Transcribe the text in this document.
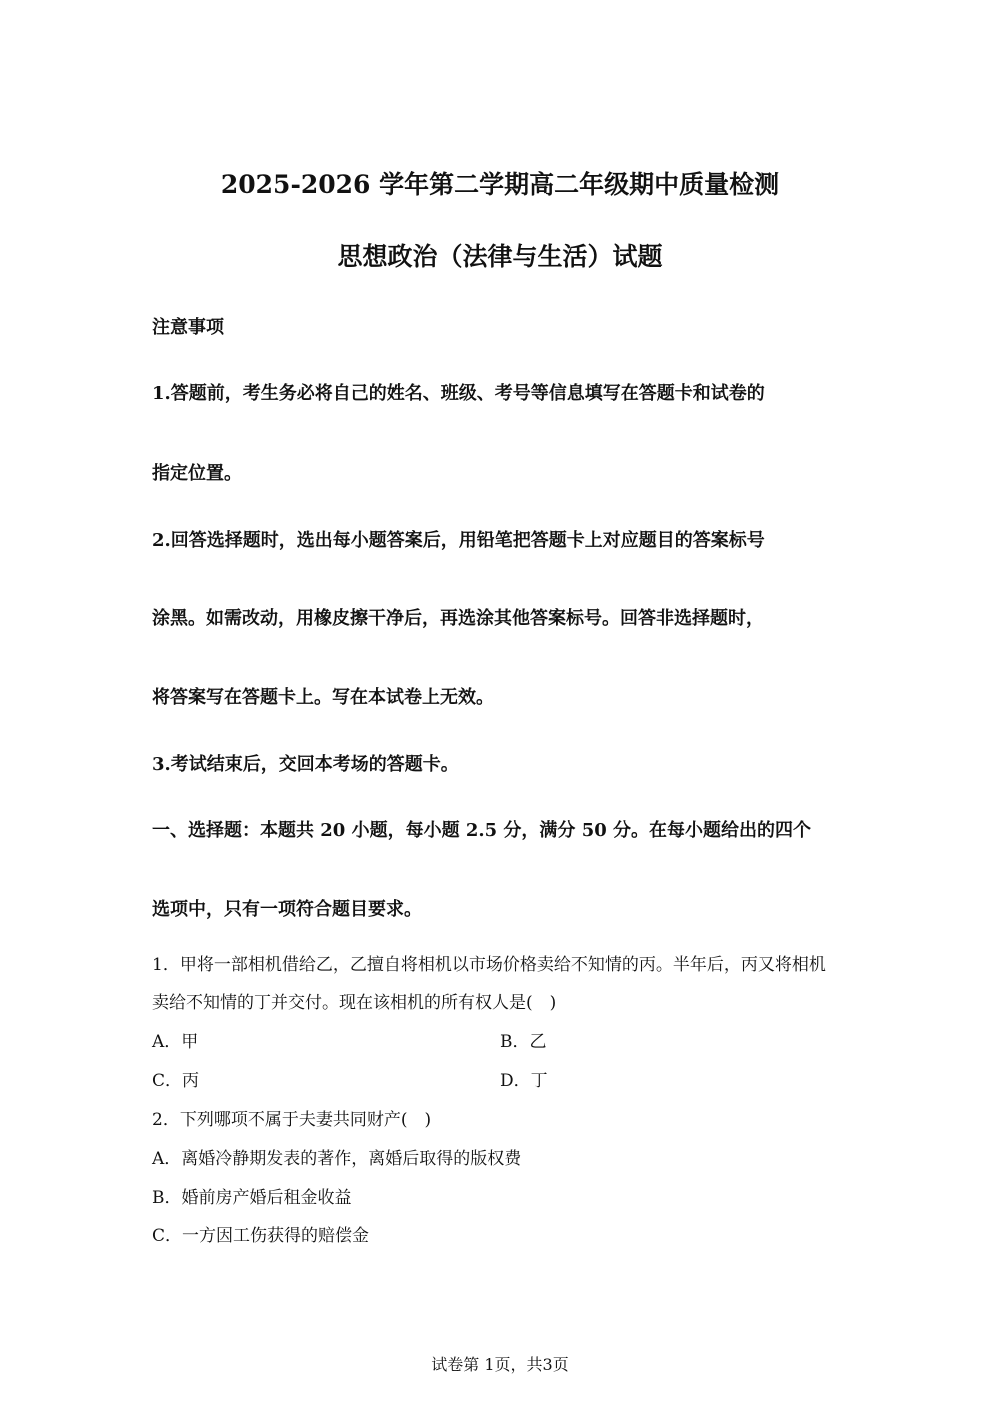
2025-2026 学年第二学期高二年级期中质量检测
思想政治（法律与生活）试题

注意事项

1.答题前，考生务必将自己的姓名、班级、考号等信息填写在答题卡和试卷的

指定位置。

2.回答选择题时，选出每小题答案后，用铅笔把答题卡上对应题目的答案标号

涂黑。如需改动，用橡皮擦干净后，再选涂其他答案标号。回答非选择题时，

将答案写在答题卡上。写在本试卷上无效。

3.考试结束后，交回本考场的答题卡。

一、选择题：本题共 20 小题，每小题 2.5 分，满分 50 分。在每小题给出的四个

选项中，只有一项符合题目要求。

1．甲将一部相机借给乙，乙擅自将相机以市场价格卖给不知情的丙。半年后，丙又将相机

卖给不知情的丁并交付。现在该相机的所有权人是(　)

A．甲	B．乙

C．丙	D．丁

2．下列哪项不属于夫妻共同财产(　)

A．离婚冷静期发表的著作，离婚后取得的版权费

B．婚前房产婚后租金收益

C．一方因工伤获得的赔偿金

试卷第 1页，共3页
